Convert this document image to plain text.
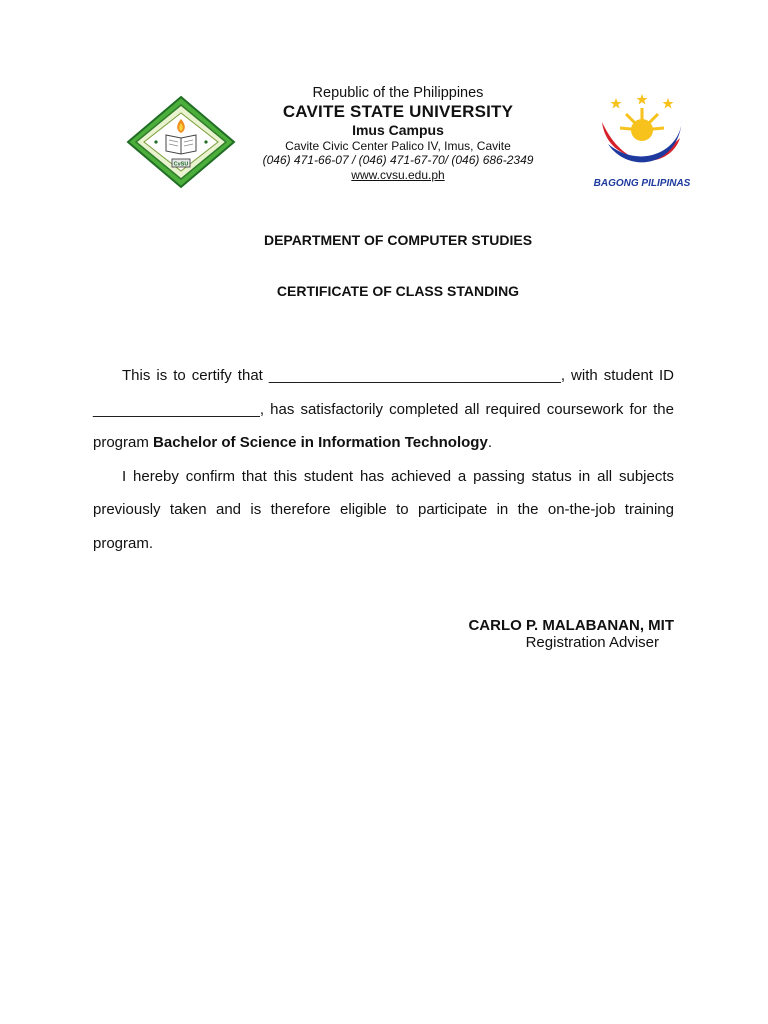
CvSU

Republic of the Philippines

CAVITE STATE UNIVERSITY

Imus Campus

Cavite Civic Center Palico IV, Imus, Cavite

(046) 471-66-07 / (046) 471-67-70/ (046) 686-2349

www.cvsu.edu.ph

BAGONG PILIPINAS
DEPARTMENT OF COMPUTER STUDIES
CERTIFICATE OF CLASS STANDING

This is to certify that ___________________________________, with student ID ____________________, has satisfactorily completed all required coursework for the program Bachelor of Science in Information Technology.

I hereby confirm that this student has achieved a passing status in all subjects previously taken and is therefore eligible to participate in the on-the-job training program.

CARLO P. MALABANAN, MIT

Registration Adviser
